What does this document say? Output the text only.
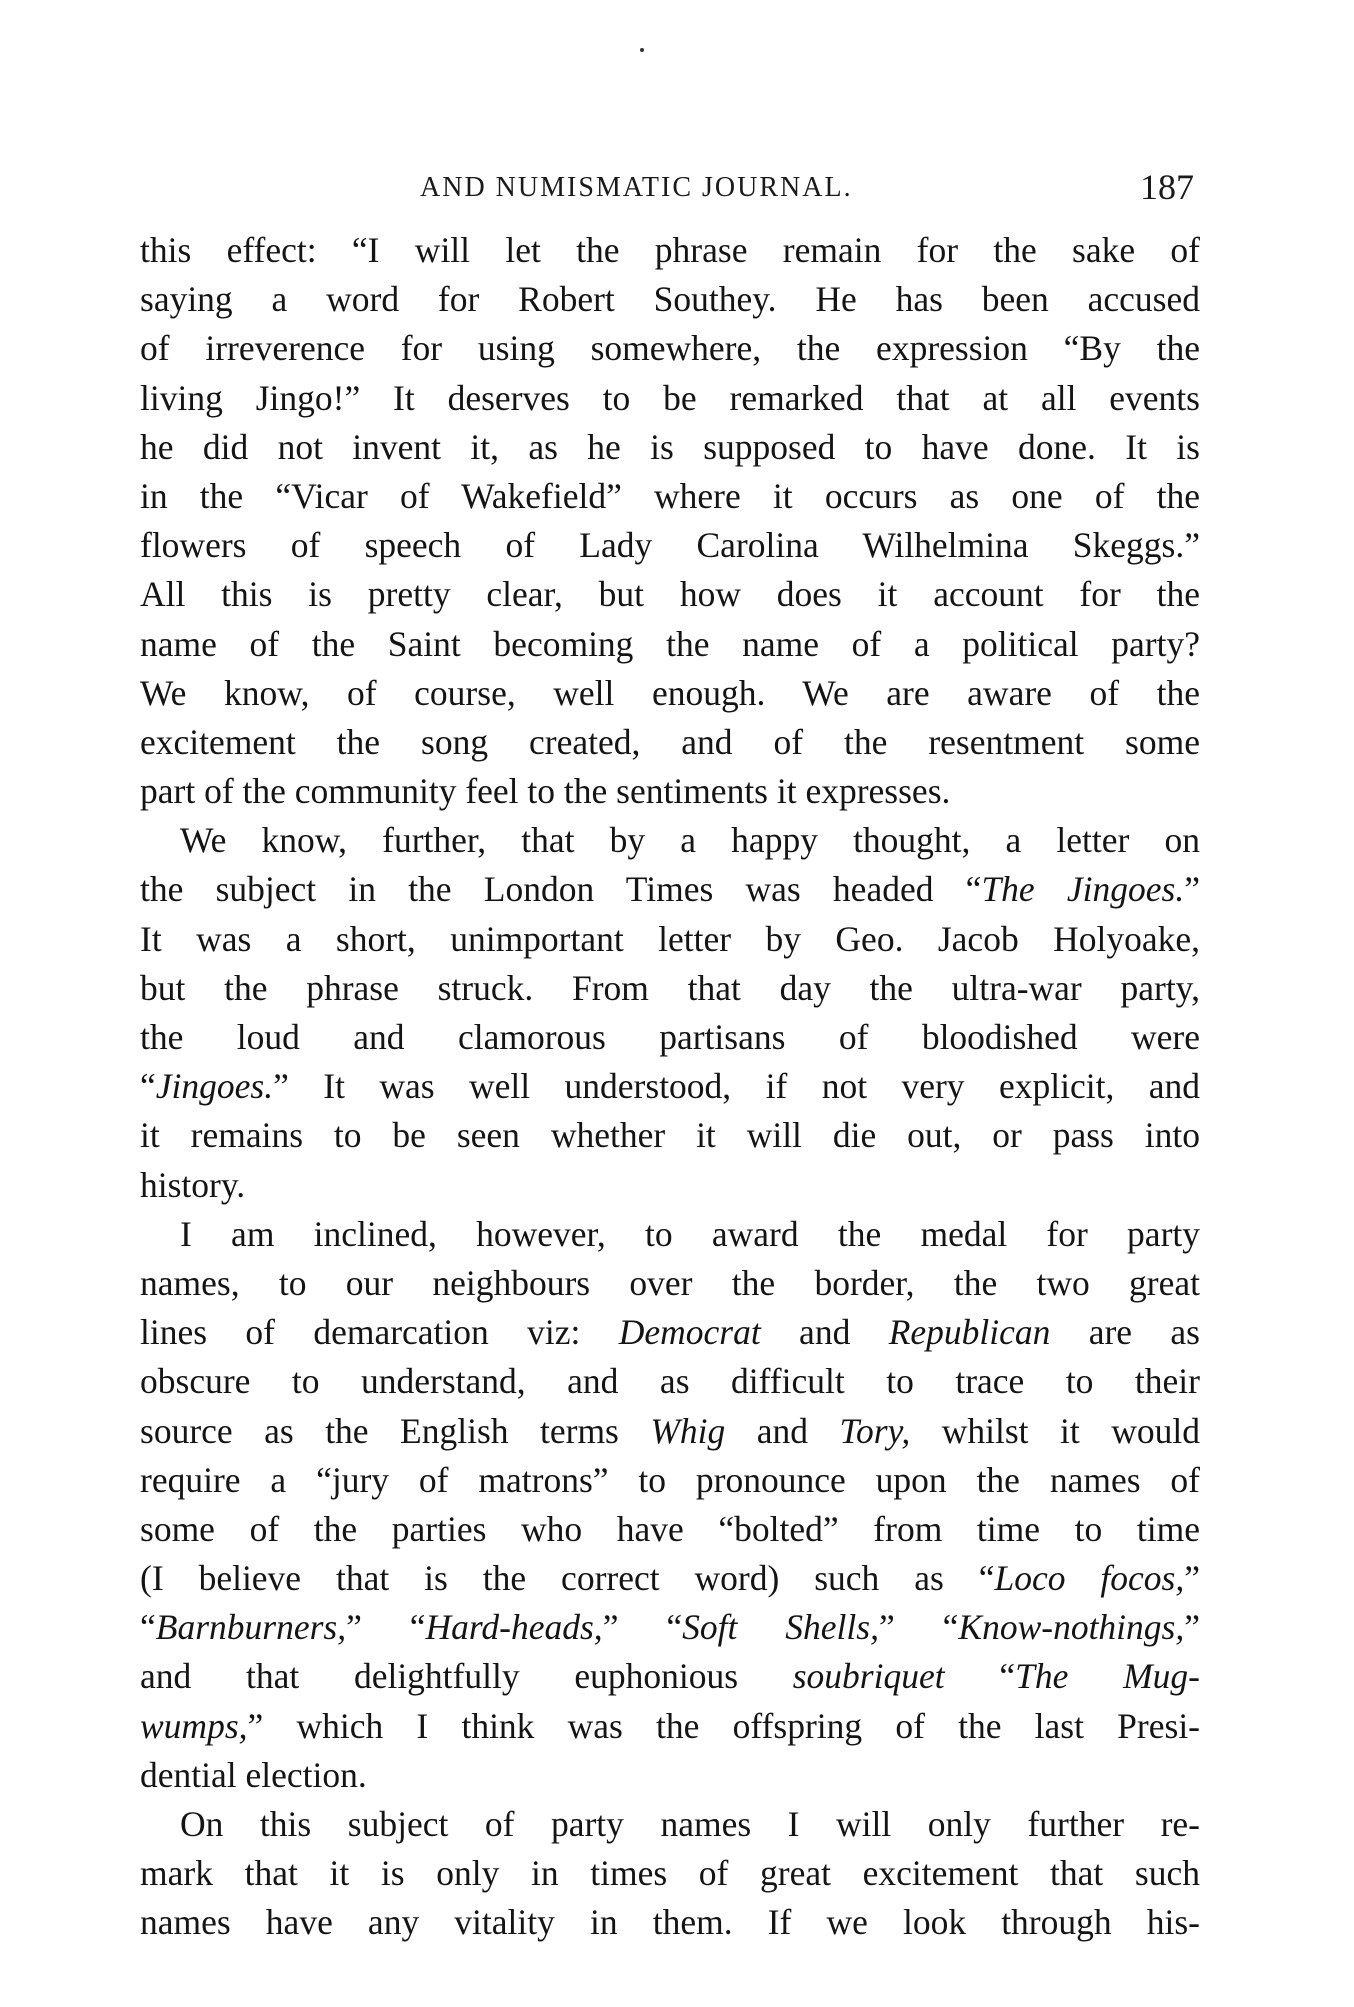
AND NUMISMATIC JOURNAL.	187
this effect: “I will let the phrase remain for the sake of
saying a word for Robert Southey. He has been accused
of irreverence for using somewhere, the expression “By the
living Jingo!” It deserves to be remarked that at all events
he did not invent it, as he is supposed to have done. It is
in the “Vicar of Wakefield” where it occurs as one of the
flowers of speech of Lady Carolina Wilhelmina Skeggs.”
All this is pretty clear, but how does it account for the
name of the Saint becoming the name of a political party?
We know, of course, well enough. We are aware of the
excitement the song created, and of the resentment some
part of the community feel to the sentiments it expresses.
We know, further, that by a happy thought, a letter on
the subject in the London Times was headed “The Jingoes.”
It was a short, unimportant letter by Geo. Jacob Holyoake,
but the phrase struck. From that day the ultra-war party,
the loud and clamorous partisans of bloodished were
“Jingoes.” It was well understood, if not very explicit, and
it remains to be seen whether it will die out, or pass into
history.
I am inclined, however, to award the medal for party
names, to our neighbours over the border, the two great
lines of demarcation viz: Democrat and Republican are as
obscure to understand, and as difficult to trace to their
source as the English terms Whig and Tory, whilst it would
require a “jury of matrons” to pronounce upon the names of
some of the parties who have “bolted” from time to time
(I believe that is the correct word) such as “Loco focos,”
“Barnburners,” “Hard-heads,” “Soft Shells,” “Know-nothings,”
and that delightfully euphonious soubriquet “The Mug-
wumps,” which I think was the offspring of the last Presi-
dential election.
On this subject of party names I will only further re-
mark that it is only in times of great excitement that such
names have any vitality in them. If we look through his-
